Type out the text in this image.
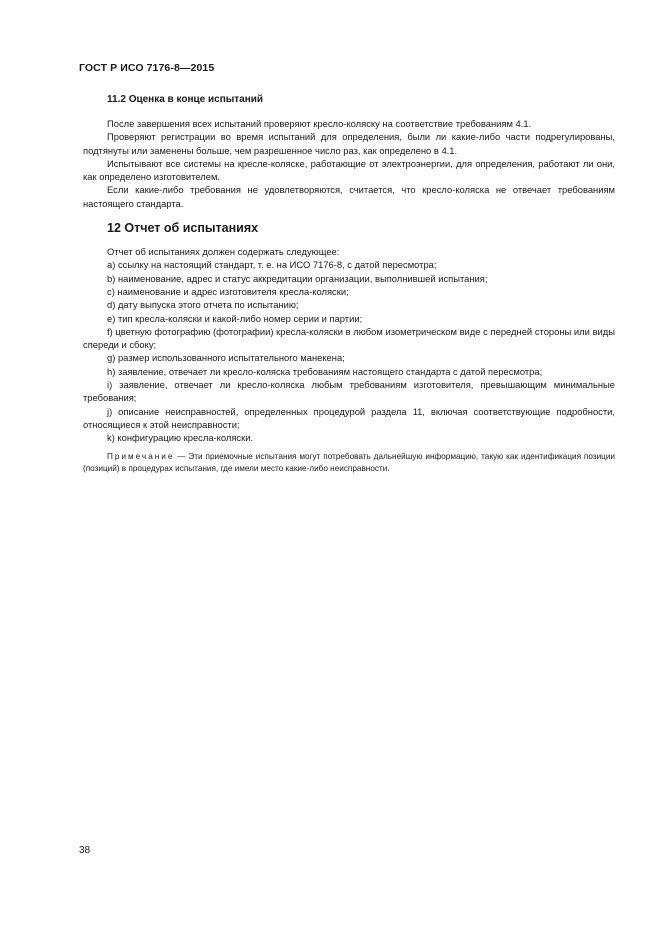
ГОСТ Р ИСО 7176-8—2015
11.2 Оценка в конце испытаний

После завершения всех испытаний проверяют кресло-коляску на соответствие требованиям 4.1.

Проверяют регистрации во время испытаний для определения, были ли какие-либо части подрегулированы, подтянуты или заменены больше, чем разрешенное число раз, как определено в 4.1.

Испытывают все системы на кресле-коляске, работающие от электроэнергии, для определения, работают ли они, как определено изготовителем.

Если какие-либо требования не удовлетворяются, считается, что кресло-коляска не отвечает требованиям настоящего стандарта.

12 Отчет об испытаниях

Отчет об испытаниях должен содержать следующее:

a) ссылку на настоящий стандарт, т. е. на ИСО 7176-8, с датой пересмотра;

b) наименование, адрес и статус аккредитации организации, выполнившей испытания;

c) наименование и адрес изготовителя кресла-коляски;

d) дату выпуска этого отчета по испытанию;

e) тип кресла-коляски и какой-либо номер серии и партии;

f) цветную фотографию (фотографии) кресла-коляски в любом изометрическом виде с передней стороны или виды спереди и сбоку;

g) размер использованного испытательного манекена;

h) заявление, отвечает ли кресло-коляска требованиям настоящего стандарта с датой пересмотра;

i) заявление, отвечает ли кресло-коляска любым требованиям изготовителя, превышающим минимальные требования;

j) описание неисправностей, определенных процедурой раздела 11, включая соответствующие подробности, относящиеся к этой неисправности;

k) конфигурацию кресла-коляски.

Примечание — Эти приемочные испытания могут потребовать дальнейшую информацию, такую как идентификация позиции (позиций) в процедурах испытания, где имели место какие-либо неисправности.

38
